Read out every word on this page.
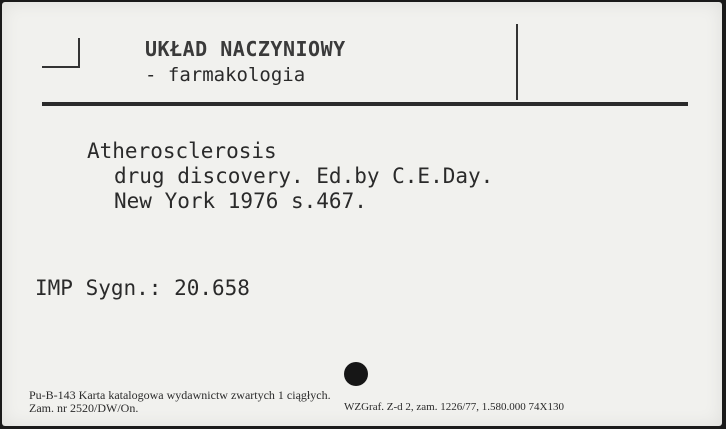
UKŁAD NACZYNIOWY
- farmakologia
Atherosclerosis
drug discovery. Ed.by C.E.Day.
New York 1976 s.467.
IMP Sygn.: 20.658
Pu-B-143 Karta katalogowa wydawnictw zwartych 1 ciągłych.
Zam. nr 2520/DW/On.	WZGraf. Z-d 2, zam. 1226/77, 1.580.000 74X130
